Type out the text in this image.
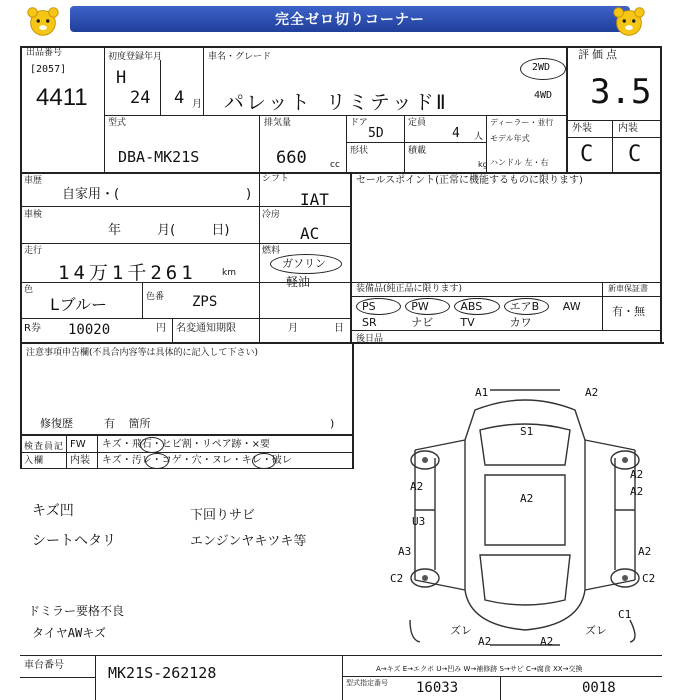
完全ゼロ切りコーナー
出品番号
[2057]
4411
初度登録年月
H
24 4 月
車名・グレード
パレット リミテッドⅡ
2WD
4WD
評価点
3.5
型式
DBA-MK21S
排気量
660	cc
ドア
5D
定員
4 人
形状	積載
kg
ディーラー・並行
モデル年式
ハンドル 左・右
外装	内装
C C
車歴
自家用・(	)
車検
年 月( 日)
走行
14万1千261	km
色
Lブルー	色番 ZPS
R券 10020	円 名変通知期限	月	日
シフト
IAT
冷房
AC
燃料
ガソリン
軽油
セールスポイント(正常に機能するものに限ります)
装備品(純正品に限ります)	新車保証書
有・無
PS	PW	ABS エアB AW
SR	ナビ TV	カワ
後日品
注意事項申告欄(不具合内容等は具体的に記入して下さい)
修復歴	有 箇所	)
検査員記入欄
FW キズ・飛石・ヒビ割・リペア跡・×要
内装 キズ・汚レ・コゲ・穴・ヌレ・キレ・破レ
キズ凹
シートヘタリ
ドミラー要格不良
タイヤAWキズ
下回りサビ
エンジンヤキツキ等
A1	A2
S1
A2
A2
A2
A2
U3
A3
C2
A2
C2
C1
ズレ	ズレ
A2	A2
A→キズ E→エクボ U→凹み W→補修跡 S→サビ C→腐食 XX→交換
車台番号	MK21S-262128
型式指定番号 16033	0018
